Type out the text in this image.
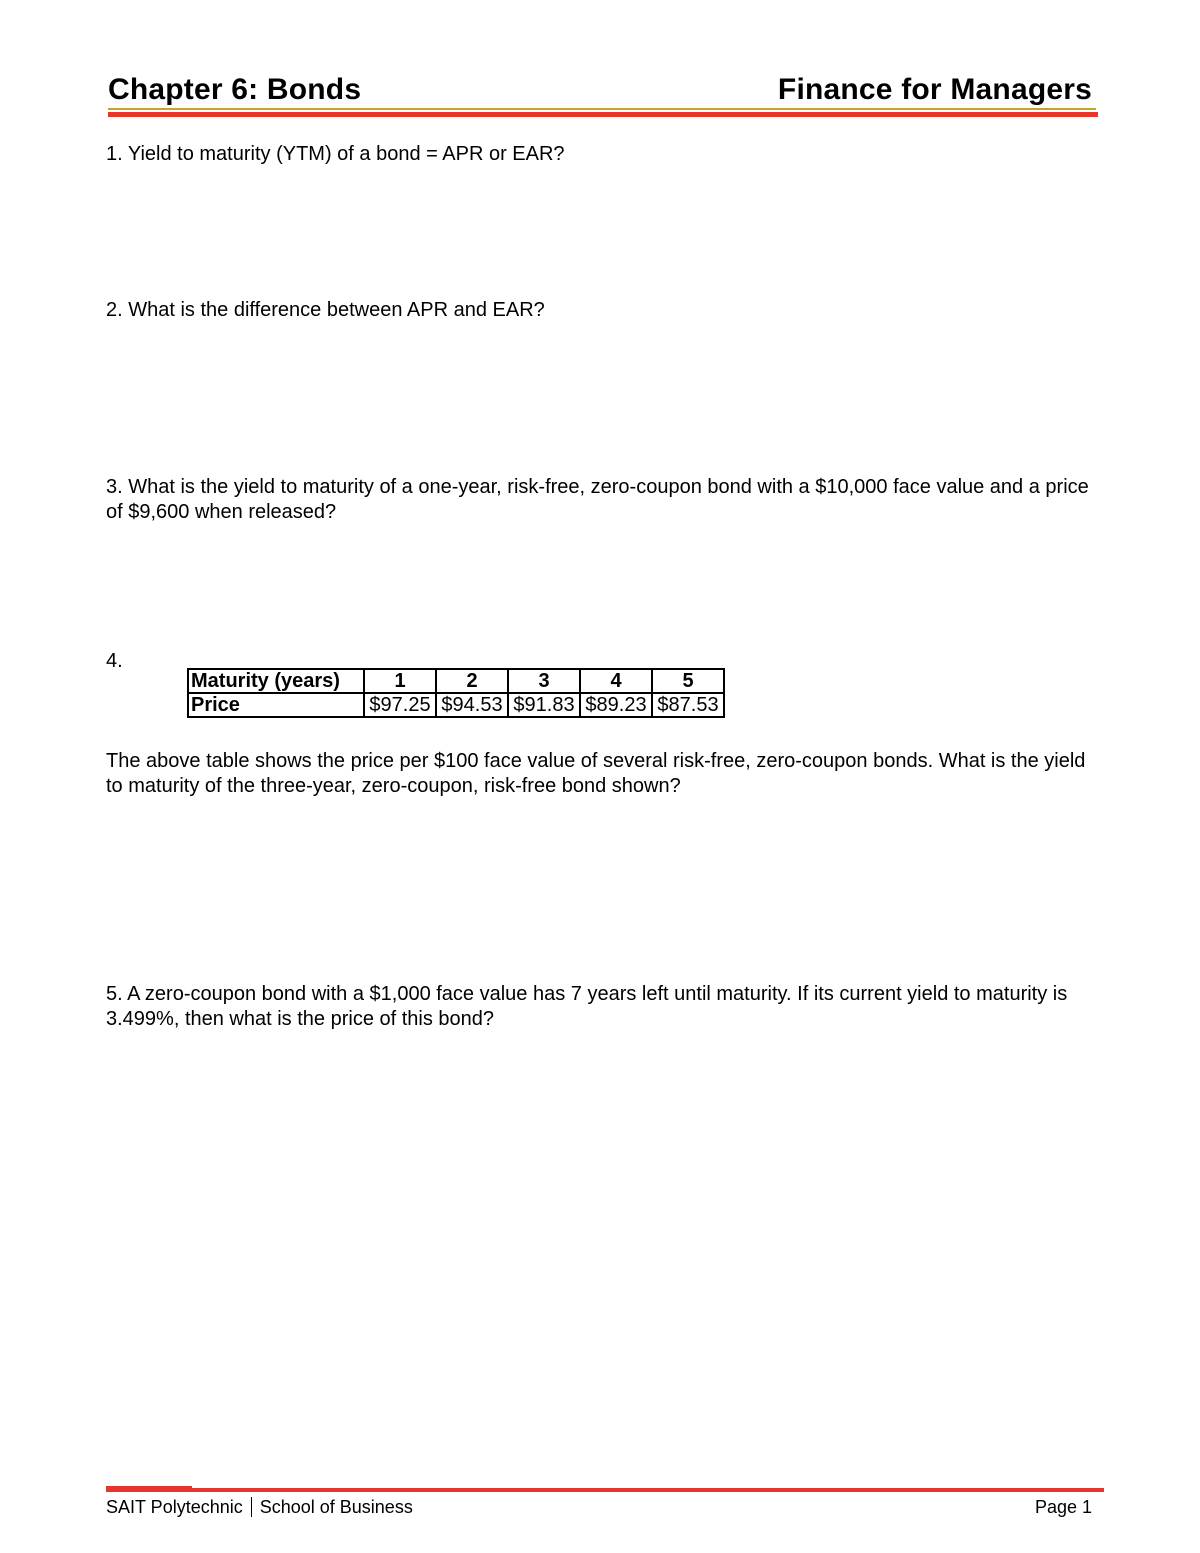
Chapter 6: Bonds	Finance for Managers
1. Yield to maturity (YTM) of a bond = APR or EAR?
2. What is the difference between APR and EAR?
3. What is the yield to maturity of a one-year, risk-free, zero-coupon bond with a $10,000 face value and a price of $9,600 when released?
4.
Maturity (years)	1	2	3	4	5
Price	$97.25	$94.53	$91.83	$89.23	$87.53
The above table shows the price per $100 face value of several risk-free, zero-coupon bonds. What is the yield to maturity of the three-year, zero-coupon, risk-free bond shown?
5. A zero-coupon bond with a $1,000 face value has 7 years left until maturity. If its current yield to maturity is 3.499%, then what is the price of this bond?
SAIT Polytechnic School of Business	Page 1
